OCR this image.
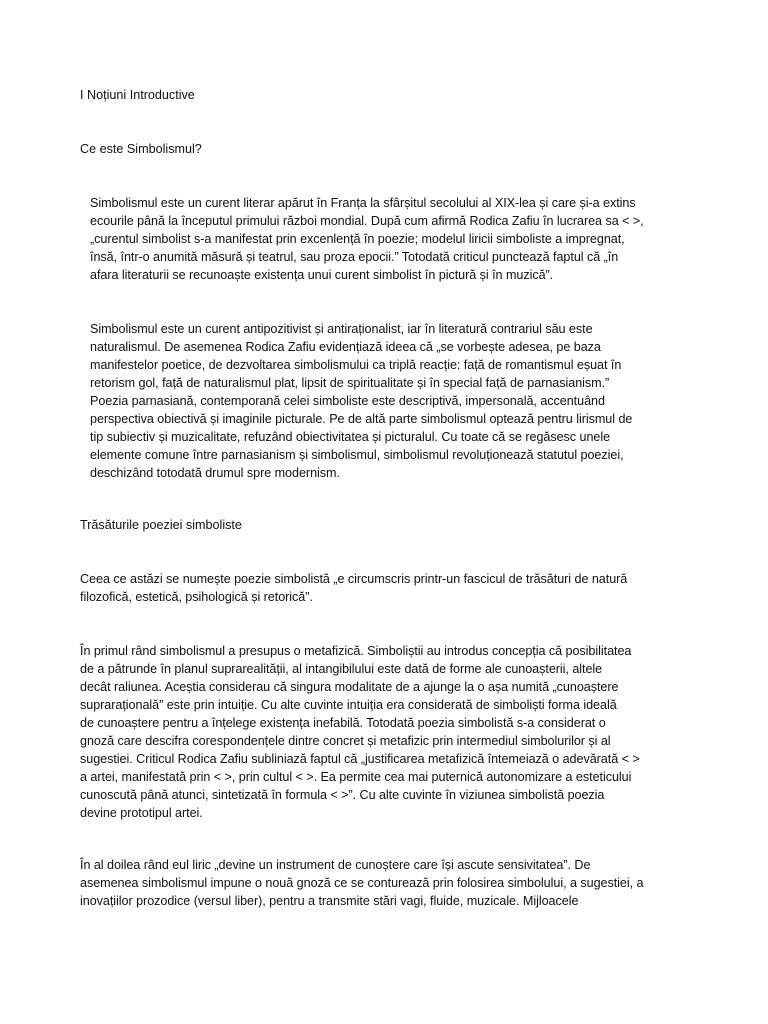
I Noțiuni Introductive
Ce este Simbolismul?

Simbolismul este un curent literar apărut în Franța la sfârșitul secolului al XIX-lea și care și-a extins
ecourile până la începutul primului război mondial. După cum afirmă Rodica Zafiu în lucrarea sa < >,
„curentul simbolist s-a manifestat prin excenlență în poezie; modelul liricii simboliste a impregnat,
însă, într-o anumită măsură și teatrul, sau proza epocii.” Totodată criticul punctează faptul că „în
afara literaturii se recunoaște existența unui curent simbolist în pictură și în muzică”.

Simbolismul este un curent antipozitivist și antiraționalist, iar în literatură contrariul său este
naturalismul. De asemenea Rodica Zafiu evidențiază ideea că „se vorbește adesea, pe baza
manifestelor poetice, de dezvoltarea simbolismului ca triplă reacție: față de romantismul eșuat în
retorism gol, față de naturalismul plat, lipsit de spiritualitate și în special față de parnasianism.”
Poezia parnasiană, contemporană celei simboliste este descriptivă, impersonală, accentuând
perspectiva obiectivă și imaginile picturale. Pe de altă parte simbolismul optează pentru lirismul de
tip subiectiv și muzicalitate, refuzând obiectivitatea și picturalul. Cu toate că se regăsesc unele
elemente comune între parnasianism și simbolismul, simbolismul revoluționează statutul poeziei,
deschizând totodată drumul spre modernism.

Trăsăturile poeziei simboliste

Ceea ce astăzi se numește poezie simbolistă „e circumscris printr-un fascicul de trăsături de natură
filozofică, estetică, psihologică și retorică”.

În primul rând simbolismul a presupus o metafizică. Simboliștii au introdus concepția că posibilitatea
de a pătrunde în planul suprarealității, al intangibilului este dată de forme ale cunoașterii, altele
decât raliunea. Aceștia considerau că singura modalitate de a ajunge la o așa numită „cunoaștere
suprarațională” este prin intuiție. Cu alte cuvinte intuiția era considerată de simboliști forma ideală
de cunoaștere pentru a înțelege existența inefabilă. Totodată poezia simbolistă s-a considerat o
gnoză care descifra corespondențele dintre concret și metafizic prin intermediul simbolurilor și al
sugestiei. Criticul Rodica Zafiu subliniază faptul că „justificarea metafizică întemeiază o adevărată < >
a artei, manifestată prin < >, prin cultul < >. Ea permite cea mai puternică autonomizare a esteticului
cunoscută până atunci, sintetizată în formula < >”. Cu alte cuvinte în viziunea simbolistă poezia
devine prototipul artei.

În al doilea rând eul liric „devine un instrument de cunoștere care își ascute sensivitatea”. De
asemenea simbolismul impune o nouă gnoză ce se conturează prin folosirea simbolului, a sugestiei, a
inovațiilor prozodice (versul liber), pentru a transmite stări vagi, fluide, muzicale. Mijloacele
